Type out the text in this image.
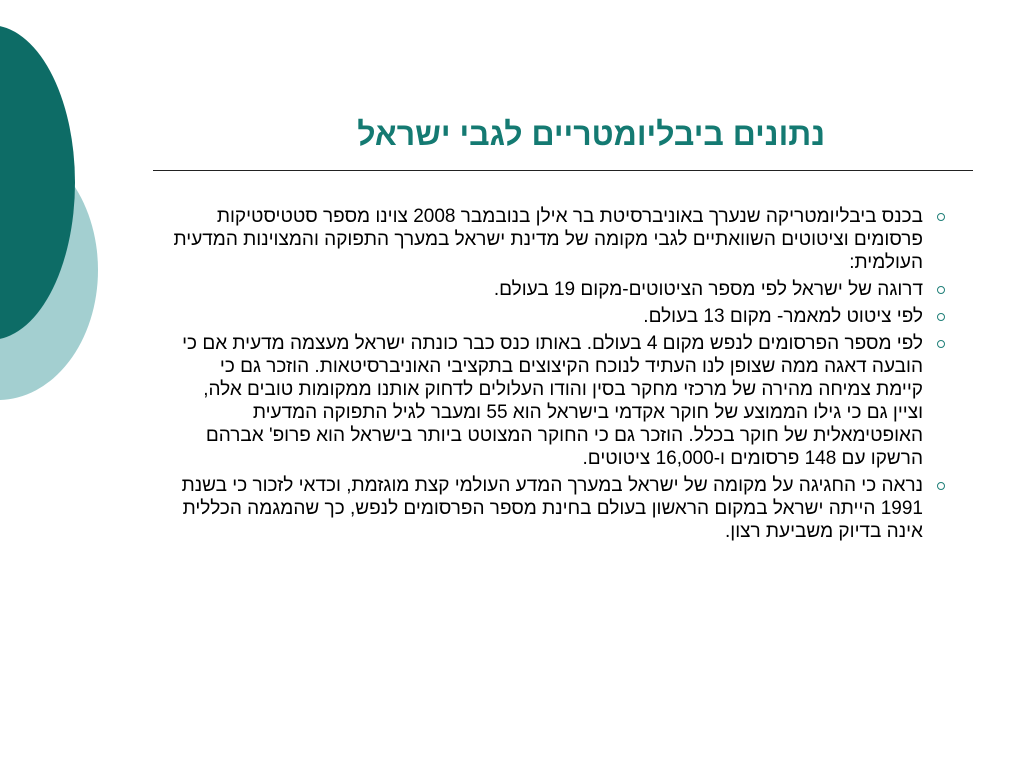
נתונים ביבליומטריים לגבי ישראל
בכנס ביבליומטריקה שנערך באוניברסיטת בר אילן בנובמבר 2008 צוינו מספר סטטיסטיקות פרסומים וציטוטים השוואתיים לגבי מקומה של מדינת ישראל במערך התפוקה והמצוינות המדעית העולמית:
דרוגה של ישראל לפי מספר הציטוטים-מקום 19 בעולם.
לפי ציטוט למאמר- מקום 13 בעולם.
לפי מספר הפרסומים לנפש מקום 4 בעולם. באותו כנס כבר כונתה ישראל מעצמה מדעית אם כי הובעה דאגה ממה שצופן לנו העתיד לנוכח הקיצוצים בתקציבי האוניברסיטאות. הוזכר גם כי קיימת צמיחה מהירה של מרכזי מחקר בסין והודו העלולים לדחוק אותנו ממקומות טובים אלה, וציין גם כי גילו הממוצע של חוקר אקדמי בישראל הוא 55 ומעבר לגיל התפוקה המדעית האופטימאלית של חוקר בכלל. הוזכר גם כי החוקר המצוטט ביותר בישראל הוא פרופ' אברהם הרשקו עם 148 פרסומים ו-16,000 ציטוטים.
נראה כי החגיגה על מקומה של ישראל במערך המדע העולמי קצת מוגזמת, וכדאי לזכור כי בשנת 1991 הייתה ישראל במקום הראשון בעולם בחינת מספר הפרסומים לנפש, כך שהמגמה הכללית אינה בדיוק משביעת רצון.
